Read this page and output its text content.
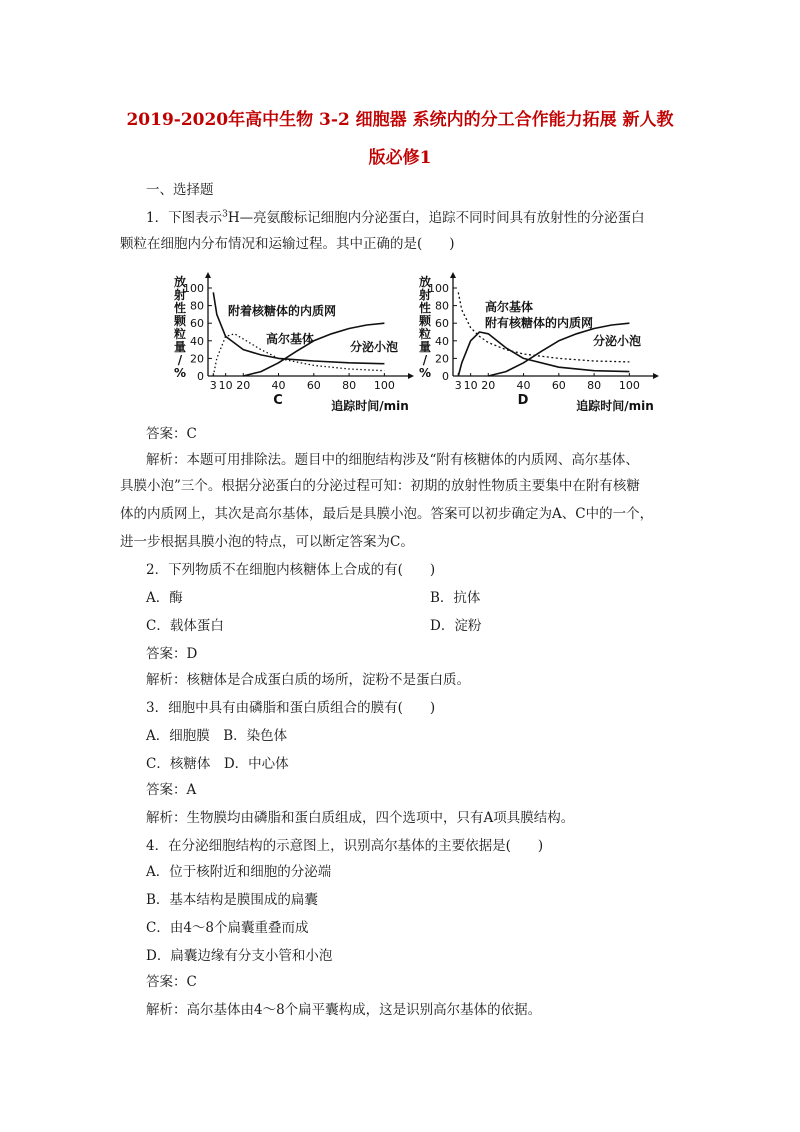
2019-2020年高中生物 3-2 细胞器 系统内的分工合作能力拓展 新人教
版必修1
一、选择题
1．下图表示$^3$H—亮氨酸标记细胞内分泌蛋白，追踪不同时间具有放射性的分泌蛋白
颗粒在细胞内分布情况和运输过程。其中正确的是(　　)
放
射
性
颗
粒
量
/
% 0
20
40
60
80
100
3 10 20 40 60 80 100
附着核糖体的内质网
高尔基体
分泌小泡
C	追踪时间/min
放
射
性
颗
粒
量
/
% 0
20
40
60
80
100
3 10 20 40 60 80 100
高尔基体
附有核糖体的内质网
分泌小泡
D	追踪时间/min
答案：C
解析：本题可用排除法。题目中的细胞结构涉及“附有核糖体的内质网、高尔基体、
具膜小泡”三个。根据分泌蛋白的分泌过程可知：初期的放射性物质主要集中在附有核糖
体的内质网上，其次是高尔基体，最后是具膜小泡。答案可以初步确定为A、C中的一个，
进一步根据具膜小泡的特点，可以断定答案为C。
2．下列物质不在细胞内核糖体上合成的有(　　)
A．酶	B．抗体
C．载体蛋白	D．淀粉
答案：D
解析：核糖体是合成蛋白质的场所，淀粉不是蛋白质。
3．细胞中具有由磷脂和蛋白质组合的膜有(　　)
A．细胞膜　B．染色体
C．核糖体　D．中心体
答案：A
解析：生物膜均由磷脂和蛋白质组成，四个选项中，只有A项具膜结构。
4．在分泌细胞结构的示意图上，识别高尔基体的主要依据是(　　)
A．位于核附近和细胞的分泌端
B．基本结构是膜围成的扁囊
C．由4～8个扁囊重叠而成
D．扁囊边缘有分支小管和小泡
答案：C
解析：高尔基体由4～8个扁平囊构成，这是识别高尔基体的依据。
